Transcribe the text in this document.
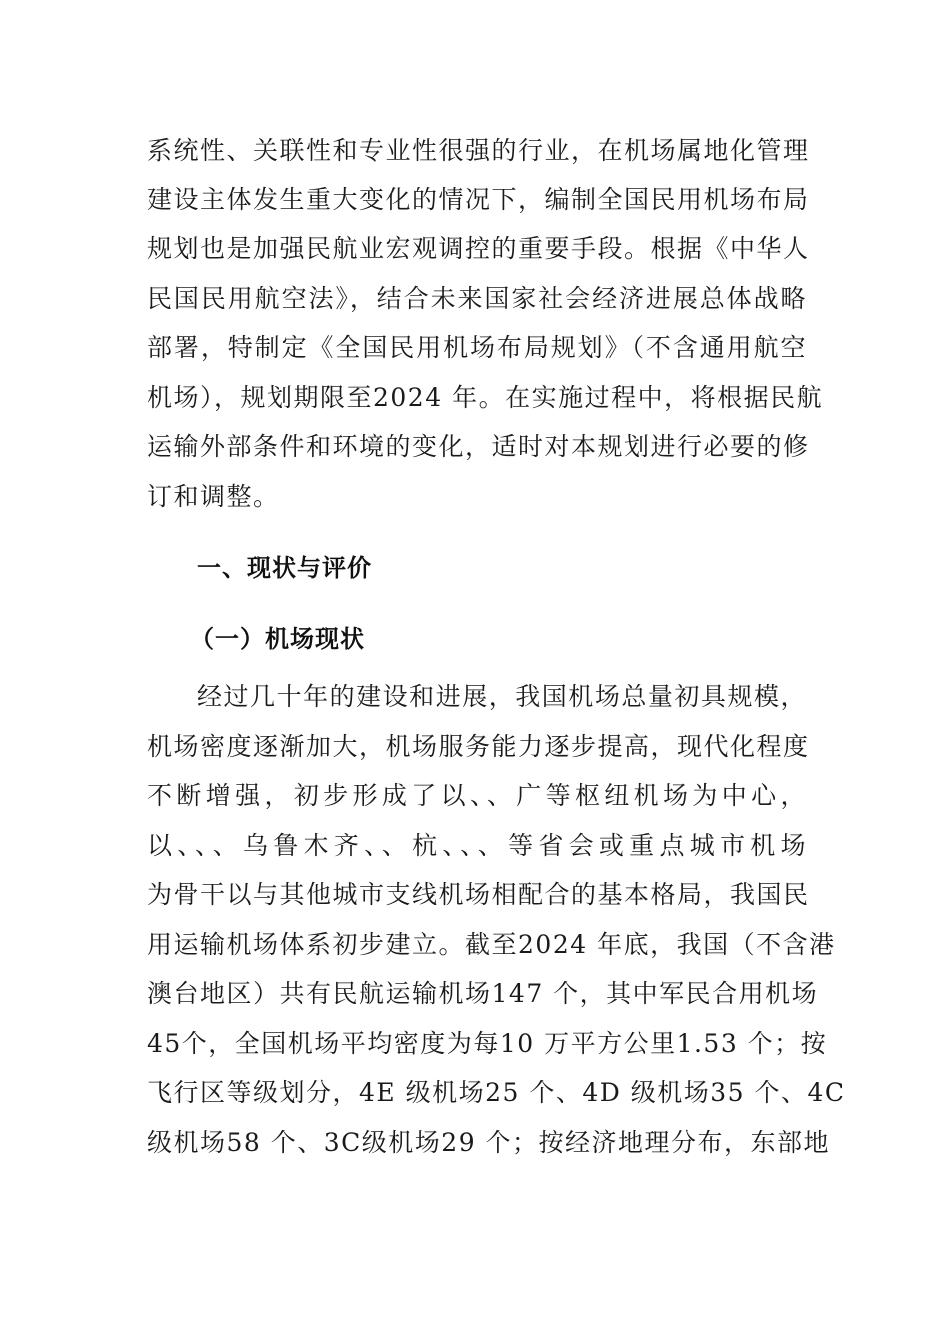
系统性、关联性和专业性很强的行业，在机场属地化管理
建设主体发生重大变化的情况下，编制全国民用机场布局
规划也是加强民航业宏观调控的重要手段。根据《中华人
民国民用航空法》，结合未来国家社会经济进展总体战略
部署，特制定《全国民用机场布局规划》（不含通用航空
机场），规划期限至2024 年。在实施过程中，将根据民航
运输外部条件和环境的变化，适时对本规划进行必要的修
订和调整。
一、现状与评价
（一）机场现状
经过几十年的建设和进展，我国机场总量初具规模，
机场密度逐渐加大，机场服务能力逐步提高，现代化程度
不断增强，初步形成了以、、广等枢纽机场为中心，
以、、、乌鲁木齐、、杭、、、等省会或重点城市机场
为骨干以与其他城市支线机场相配合的基本格局，我国民
用运输机场体系初步建立。截至2024 年底，我国（不含港
澳台地区）共有民航运输机场147 个，其中军民合用机场
45个，全国机场平均密度为每10 万平方公里1.53 个；按
飞行区等级划分，4E 级机场25 个、4D 级机场35 个、4C
级机场58 个、3C级机场29 个；按经济地理分布，东部地
